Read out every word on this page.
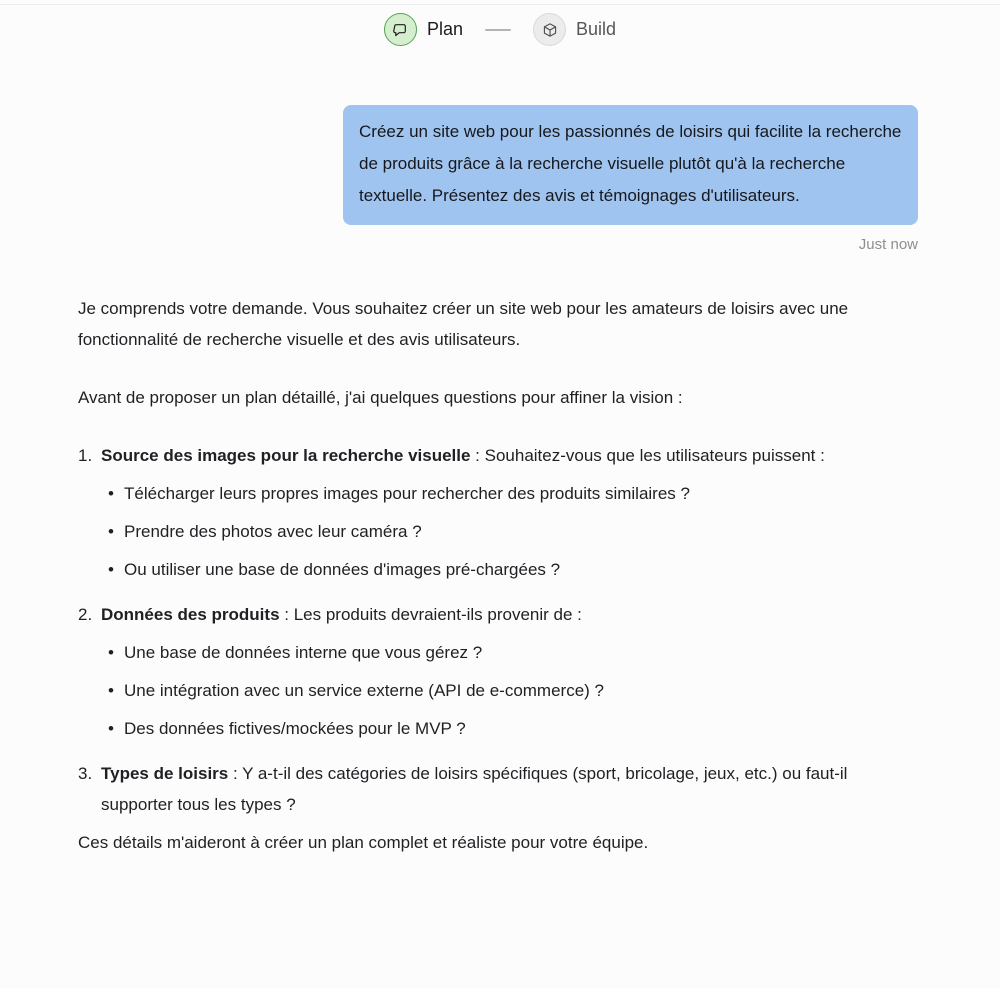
Plan	Build
Créez un site web pour les passionnés de loisirs qui facilite la recherche de produits grâce à la recherche visuelle plutôt qu'à la recherche textuelle. Présentez des avis et témoignages d'utilisateurs.
Just now

Je comprends votre demande. Vous souhaitez créer un site web pour les amateurs de loisirs avec une fonctionnalité de recherche visuelle et des avis utilisateurs.

Avant de proposer un plan détaillé, j'ai quelques questions pour affiner la vision :

1. Source des images pour la recherche visuelle : Souhaitez-vous que les utilisateurs puissent :
• Télécharger leurs propres images pour rechercher des produits similaires ?
• Prendre des photos avec leur caméra ?
• Ou utiliser une base de données d'images pré-chargées ?
2. Données des produits : Les produits devraient-ils provenir de :
• Une base de données interne que vous gérez ?
• Une intégration avec un service externe (API de e-commerce) ?
• Des données fictives/mockées pour le MVP ?
3. Types de loisirs : Y a-t-il des catégories de loisirs spécifiques (sport, bricolage, jeux, etc.) ou faut-il supporter tous les types ?

Ces détails m'aideront à créer un plan complet et réaliste pour votre équipe.
